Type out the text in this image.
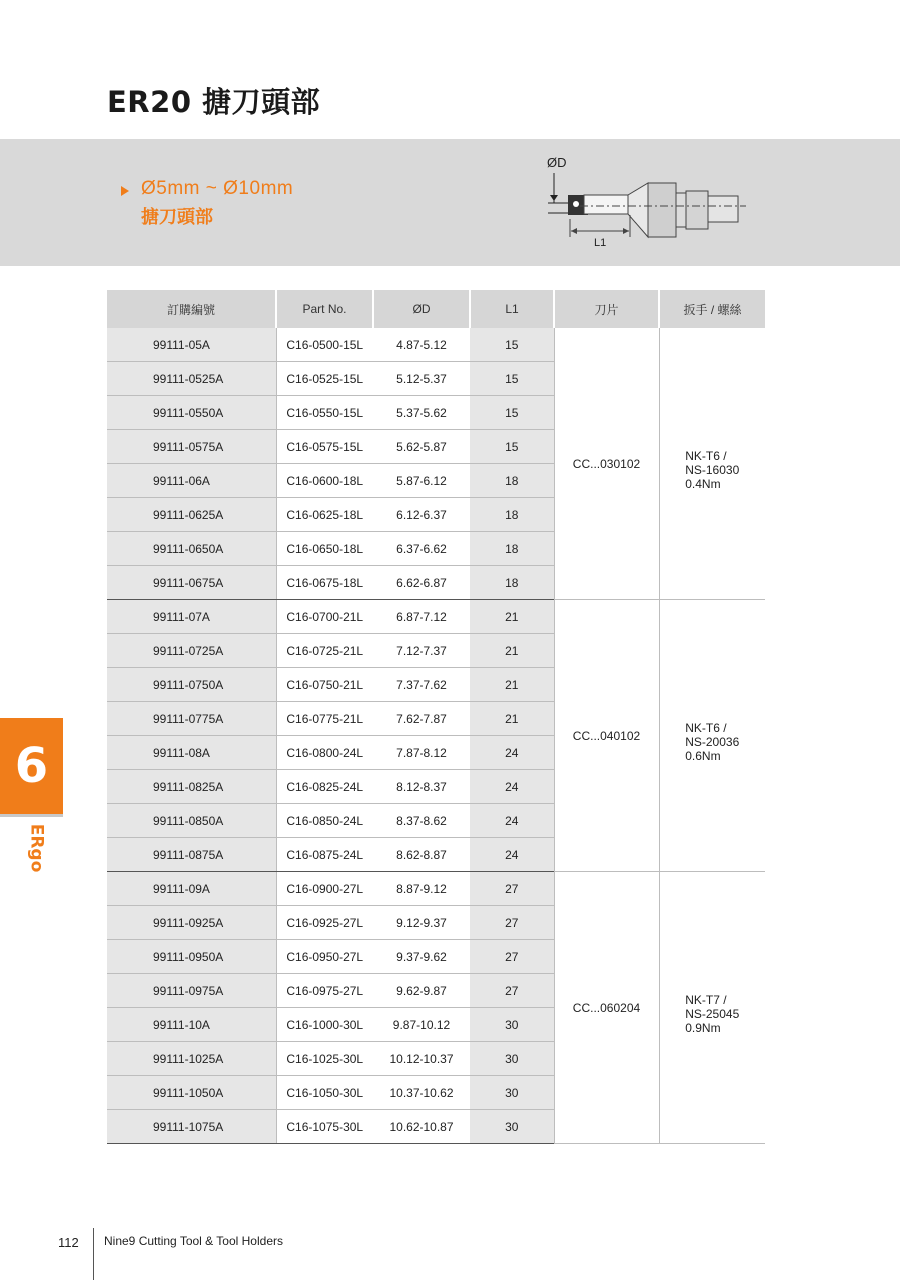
ER20 搪刀頭部
Ø5mm ~ Ø10mm
搪刀頭部
ØD
L1
訂購編號	Part No.	ØD	L1	刀片	扳手 / 螺絲
99111-05A	C16-0500-15L	4.87-5.12	15	CC...030102	NK-T6 /
NS-16030
0.4Nm

99111-0525A	C16-0525-15L	5.12-5.37	15		
99111-0550A	C16-0550-15L	5.37-5.62	15		
99111-0575A	C16-0575-15L	5.62-5.87	15		
99111-06A	C16-0600-18L	5.87-6.12	18		
99111-0625A	C16-0625-18L	6.12-6.37	18		
99111-0650A	C16-0650-18L	6.37-6.62	18		
99111-0675A	C16-0675-18L	6.62-6.87	18		
99111-07A	C16-0700-21L	6.87-7.12	21	CC...040102	NK-T6 /
NS-20036
0.6Nm

99111-0725A	C16-0725-21L	7.12-7.37	21		
99111-0750A	C16-0750-21L	7.37-7.62	21		
99111-0775A	C16-0775-21L	7.62-7.87	21		
99111-08A	C16-0800-24L	7.87-8.12	24		
99111-0825A	C16-0825-24L	8.12-8.37	24		
99111-0850A	C16-0850-24L	8.37-8.62	24		
99111-0875A	C16-0875-24L	8.62-8.87	24		
99111-09A	C16-0900-27L	8.87-9.12	27	CC...060204	NK-T7 /
NS-25045
0.9Nm

99111-0925A	C16-0925-27L	9.12-9.37	27		
99111-0950A	C16-0950-27L	9.37-9.62	27		
99111-0975A	C16-0975-27L	9.62-9.87	27		
99111-10A	C16-1000-30L	9.87-10.12	30		
99111-1025A	C16-1025-30L	10.12-10.37	30		
99111-1050A	C16-1050-30L	10.37-10.62	30		
99111-1075A	C16-1075-30L	10.62-10.87	30		
6
ERgo
112 Nine9 Cutting Tool & Tool Holders
